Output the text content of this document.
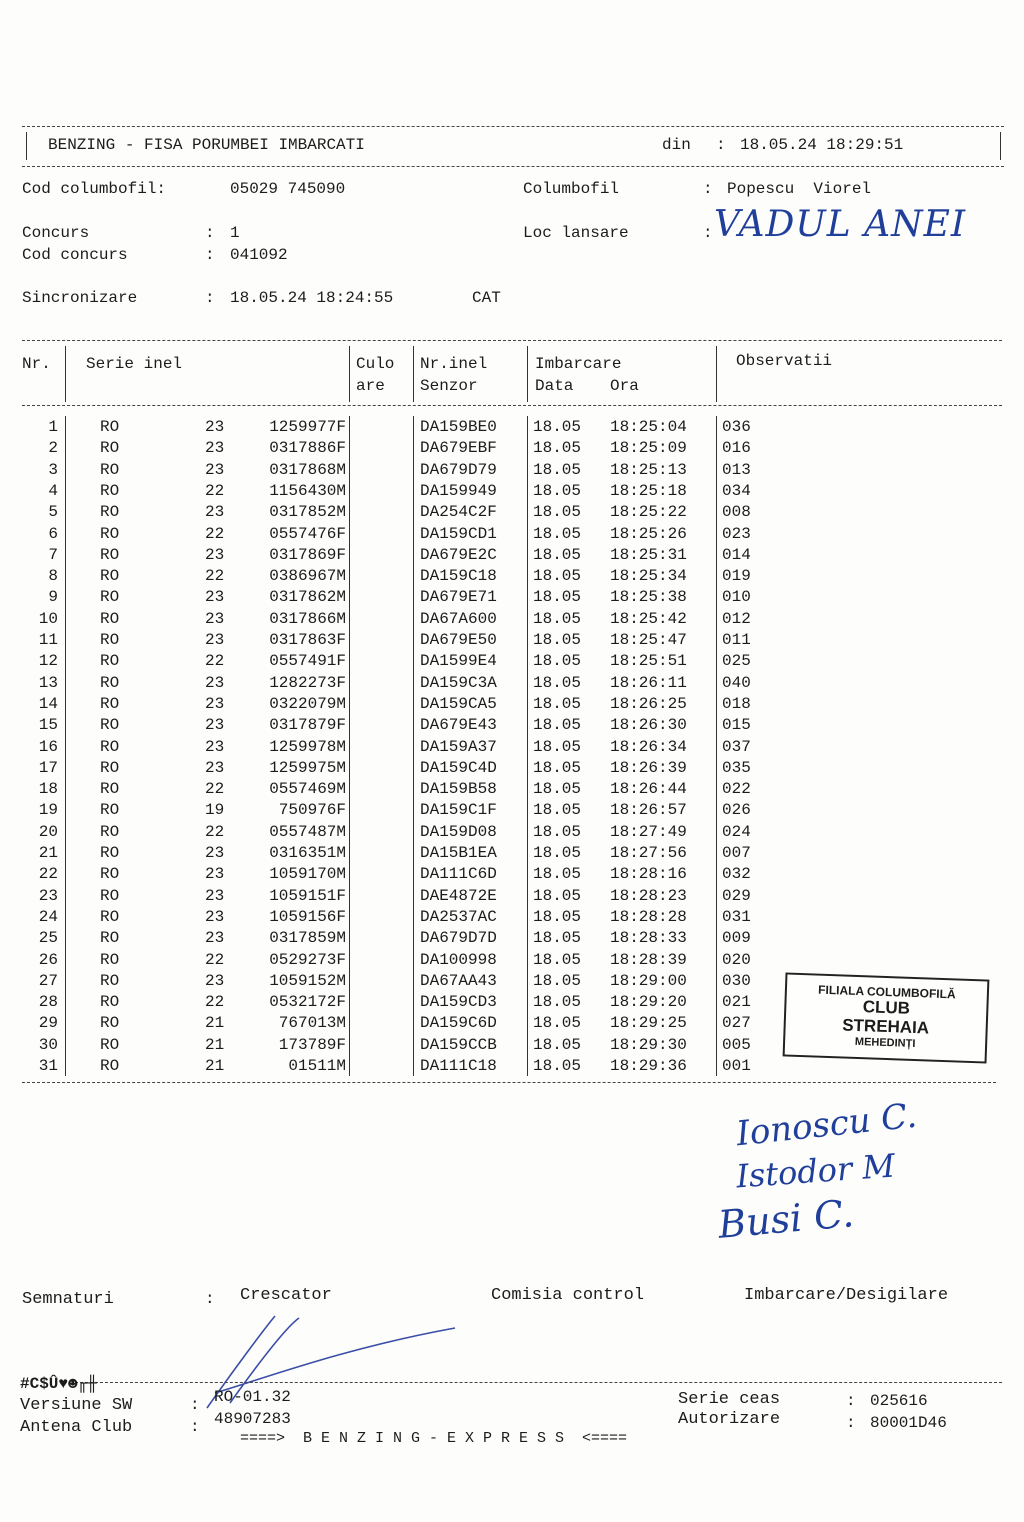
BENZING - FISA PORUMBEI IMBARCATI	din : 18.05.24 18:29:51
Cod columbofil:	05029 745090	Columbofil	: Popescu  Viorel
Concurs	: 1	Loc lansare	: VADUL ANEI
Cod concurs	: 041092
Sincronizare	: 18.05.24 18:24:55	CAT
Nr. Serie inel	Culo
are
Nr.inel
Senzor
Imbarcare
Data Ora
Observatii
1	RO	23	1259977F	DA159BE0 18.05 18:25:04 036
2	RO	23	0317886F	DA679EBF 18.05 18:25:09 016
3	RO	23	0317868M	DA679D79 18.05 18:25:13 013
4	RO	22	1156430M	DA159949 18.05 18:25:18 034
5	RO	23	0317852M	DA254C2F 18.05 18:25:22 008
6	RO	22	0557476F	DA159CD1 18.05 18:25:26 023
7	RO	23	0317869F	DA679E2C 18.05 18:25:31 014
8	RO	22	0386967M	DA159C18 18.05 18:25:34 019
9	RO	23	0317862M	DA679E71 18.05 18:25:38 010
10	RO	23	0317866M	DA67A600 18.05 18:25:42 012
11	RO	23	0317863F	DA679E50 18.05 18:25:47 011
12	RO	22	0557491F	DA1599E4 18.05 18:25:51 025
13	RO	23	1282273F	DA159C3A 18.05 18:26:11 040
14	RO	23	0322079M	DA159CA5 18.05 18:26:25 018
15	RO	23	0317879F	DA679E43 18.05 18:26:30 015
16	RO	23	1259978M	DA159A37 18.05 18:26:34 037
17	RO	23	1259975M	DA159C4D 18.05 18:26:39 035
18	RO	22	0557469M	DA159B58 18.05 18:26:44 022
19	RO	19	750976F	DA159C1F 18.05 18:26:57 026
20	RO	22	0557487M	DA159D08 18.05 18:27:49 024
21	RO	23	0316351M	DA15B1EA 18.05 18:27:56 007
22	RO	23	1059170M	DA111C6D 18.05 18:28:16 032
23	RO	23	1059151F	DAE4872E 18.05 18:28:23 029
24	RO	23	1059156F	DA2537AC 18.05 18:28:28 031
25	RO	23	0317859M	DA679D7D 18.05 18:28:33 009
26	RO	22	0529273F	DA100998 18.05 18:28:39 020
27	RO	23	1059152M	DA67AA43 18.05 18:29:00 030
28	RO	22	0532172F	DA159CD3 18.05 18:29:20 021
29	RO	21	767013M	DA159C6D 18.05 18:29:25 027
30	RO	21	173789F	DA159CCB 18.05 18:29:30 005
31	RO	21 01511M	DA111C18 18.05 18:29:36 001
FILIALA COLUMBOFILĂ
CLUB
STREHAIA
MEHEDINȚI
Ionoscu C.
Istodor M
Busi C.
Semnaturi	: Crescator	Comisia control	Imbarcare/Desigilare
#C$Û♥☻╓╫
Versiune SW	: RO-01.32
Antena Club	: 48907283
Serie ceas	: 025616
Autorizare	: 80001D46
====>  B E N Z I N G - E X P R E S S  <====
